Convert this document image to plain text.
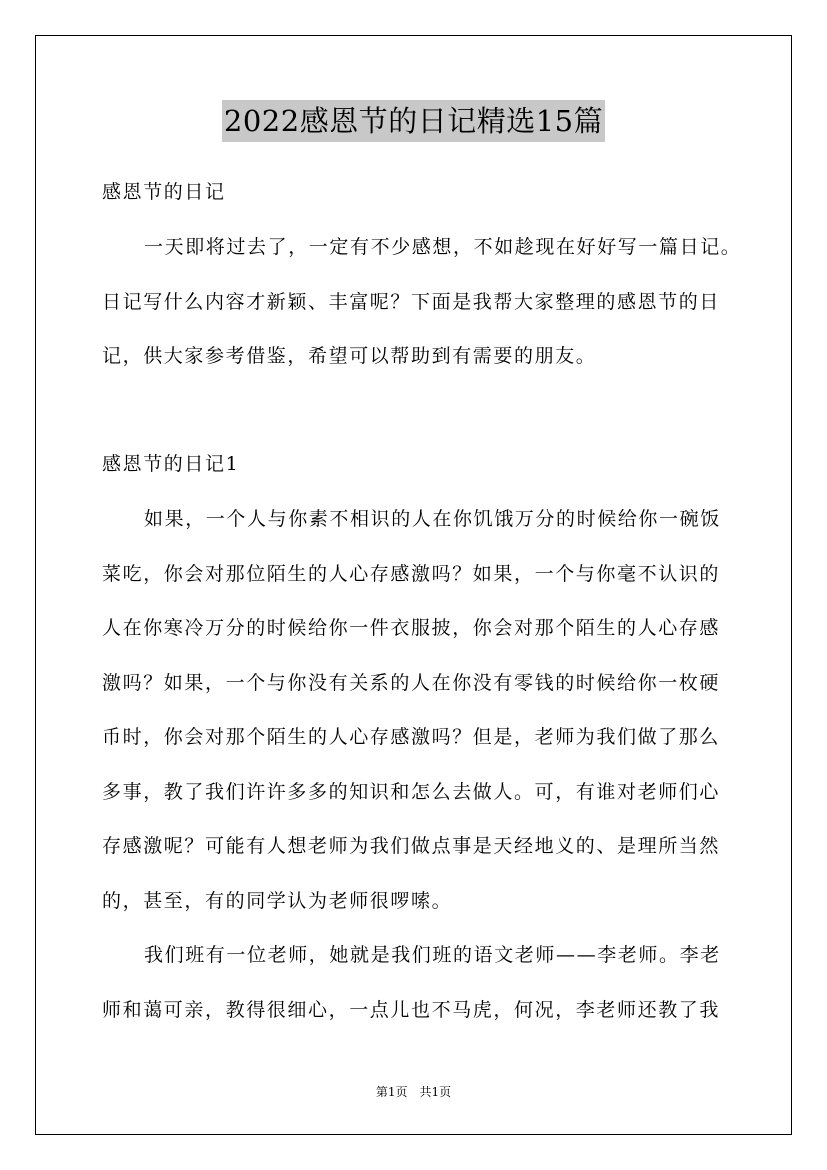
2022感恩节的日记精选15篇
感恩节的日记
一天即将过去了，一定有不少感想，不如趁现在好好写一篇日记。
日记写什么内容才新颖、丰富呢？下面是我帮大家整理的感恩节的日
记，供大家参考借鉴，希望可以帮助到有需要的朋友。
感恩节的日记1
如果，一个人与你素不相识的人在你饥饿万分的时候给你一碗饭
菜吃，你会对那位陌生的人心存感激吗？如果，一个与你毫不认识的
人在你寒冷万分的时候给你一件衣服披，你会对那个陌生的人心存感
激吗？如果，一个与你没有关系的人在你没有零钱的时候给你一枚硬
币时，你会对那个陌生的人心存感激吗？但是，老师为我们做了那么
多事，教了我们许许多多的知识和怎么去做人。可，有谁对老师们心
存感激呢？可能有人想老师为我们做点事是天经地义的、是理所当然
的，甚至，有的同学认为老师很啰嗦。
我们班有一位老师，她就是我们班的语文老师——李老师。李老
师和蔼可亲，教得很细心，一点儿也不马虎，何况，李老师还教了我
第1页 共1页
